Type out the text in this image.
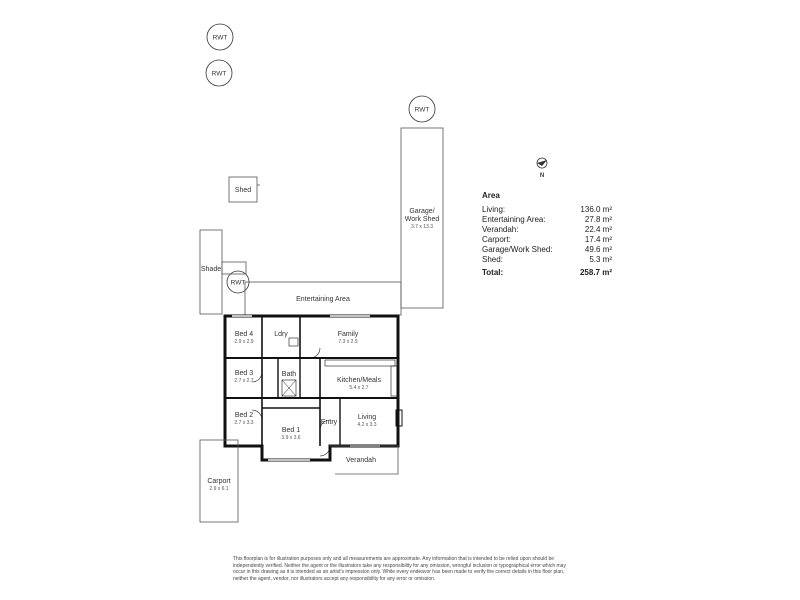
RWT
RWT
RWT
RWT
N
Shed
Garage/
Work Shed
3.7 x 13.3
Shade
Entertaining Area
Bed 4
2.9 x 2.9
Ldry	Family
7.3 x 2.9
Bed 3
2.7 x 2.7
Bath
Kitchen/Meals
5.4 x 2.7
Bed 2
2.7 x 3.3
Bed 1
3.9 x 3.6
Entry
Living
4.2 x 3.3
Verandah
Carport
2.9 x 6.1
Area
Living:	136.0 m²
Entertaining Area:	27.8 m²
Verandah:	22.4 m²
Carport:	17.4 m²
Garage/Work Shed:	49.6 m²
Shed:	5.3 m²
Total:	258.7 m²
This floorplan is for illustration purposes only and all measurements are approximate. Any information that is intended to be relied upon should be independently verified. Neither the agent or the illustrators take any responsibility for any omission, wrongful inclusion or typographical error which may occur in this drawing as it is intended as an artist's impression only. While every endeavor has been made to verify the correct details in this floor plan, neither the agent, vendor, nor illustrators accept any responsibility for any error or omission.
